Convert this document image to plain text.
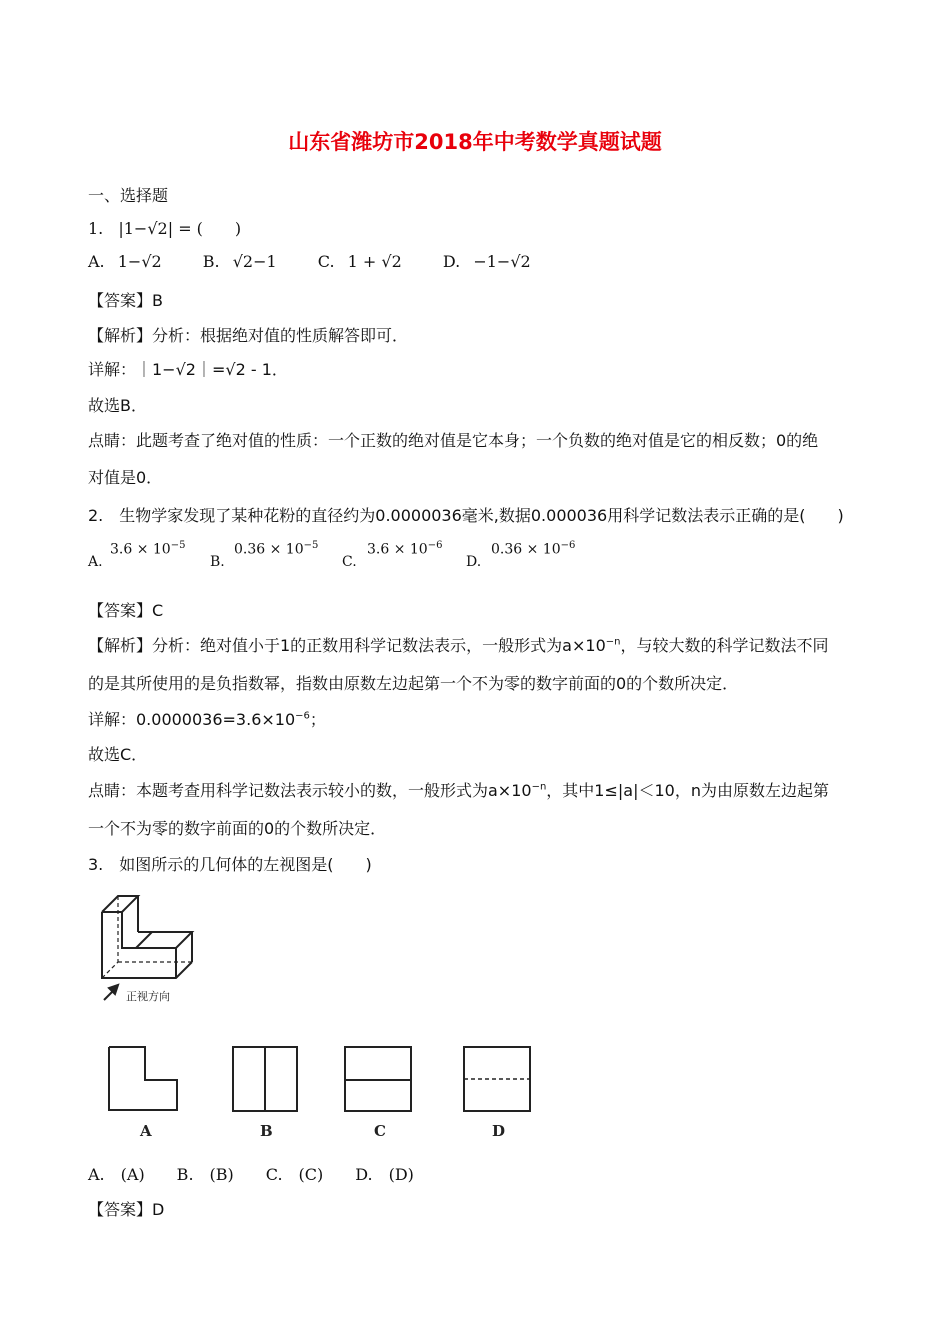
山东省潍坊市2018年中考数学真题试题
一、选择题
1. |1−√2| = (　　)
A. 1−√2	B. √2−1	C. 1 + √2	D. −1−√2
【答案】B
【解析】分析：根据绝对值的性质解答即可．
详解：｜1−√2｜=√2 - 1．
故选B．
点睛：此题考查了绝对值的性质：一个正数的绝对值是它本身；一个负数的绝对值是它的相反数；0的绝
对值是0．
2.　生物学家发现了某种花粉的直径约为0.0000036毫米,数据0.000036用科学记数法表示正确的是(　　)
A.
$3.6 \times 10^{-5}$
B.
$0.36 \times 10^{-5}$
C.
$3.6 \times 10^{-6}$
D.
$0.36 \times 10^{-6}$
【答案】C
【解析】分析：绝对值小于1的正数用科学记数法表示，一般形式为$a\times 10^{-n}$，与较大数的科学记数法不同
的是其所使用的是负指数幂，指数由原数左边起第一个不为零的数字前面的0的个数所决定．
详解：$0.0000036=3.6\times 10^{-6}$；
故选C．
点睛：本题考查用科学记数法表示较小的数，一般形式为$a\times 10^{-n}$，其中1≤|a|＜10，n为由原数左边起第
一个不为零的数字前面的0的个数所决定．
3.　如图所示的几何体的左视图是(　　)
正视方向
A	B	C	D
A.　(A)　　B.　(B)　　C.　(C)　　D.　(D)
【答案】D
